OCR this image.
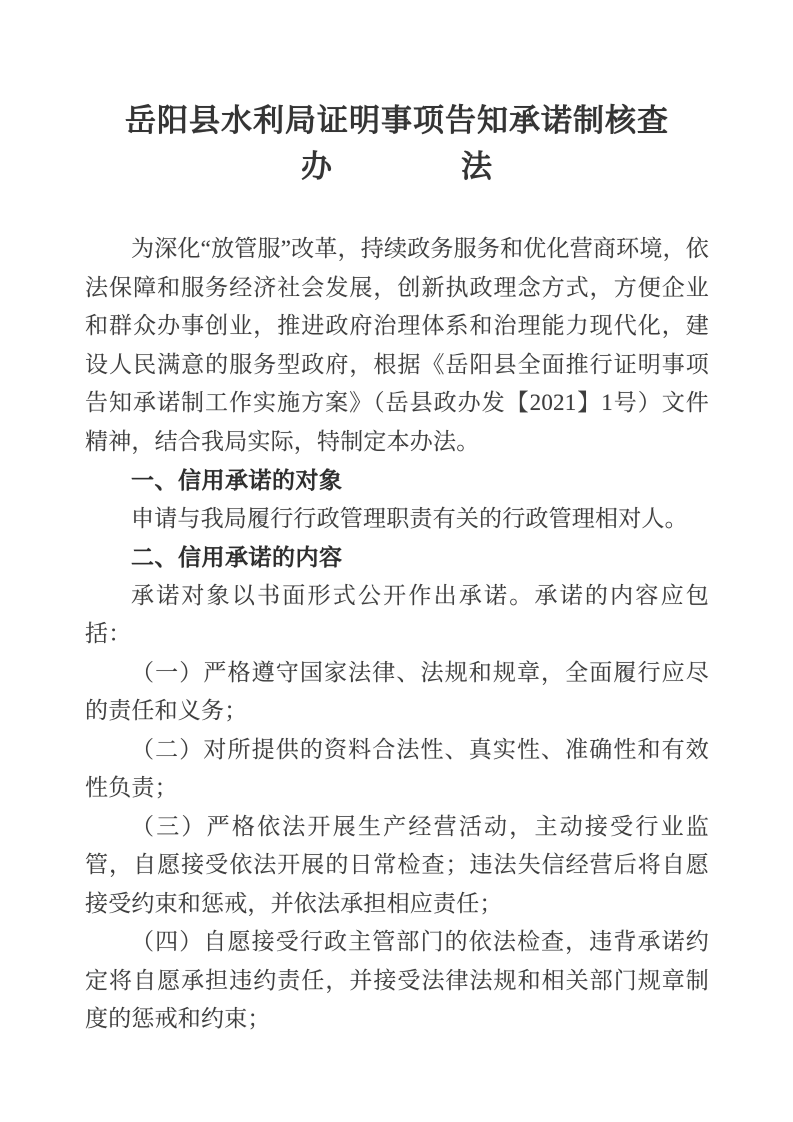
岳阳县水利局证明事项告知承诺制核查
办　　　　法

为深化“放管服”改革，持续政务服务和优化营商环境，依法保障和服务经济社会发展，创新执政理念方式，方便企业和群众办事创业，推进政府治理体系和治理能力现代化，建设人民满意的服务型政府，根据《岳阳县全面推行证明事项告知承诺制工作实施方案》（岳县政办发【2021】1号）文件精神，结合我局实际，特制定本办法。

一、信用承诺的对象

申请与我局履行行政管理职责有关的行政管理相对人。

二、信用承诺的内容

承诺对象以书面形式公开作出承诺。承诺的内容应包括：

（一）严格遵守国家法律、法规和规章，全面履行应尽的责任和义务；

（二）对所提供的资料合法性、真实性、准确性和有效性负责；

（三）严格依法开展生产经营活动，主动接受行业监管，自愿接受依法开展的日常检查；违法失信经营后将自愿接受约束和惩戒，并依法承担相应责任；

（四）自愿接受行政主管部门的依法检查，违背承诺约定将自愿承担违约责任，并接受法律法规和相关部门规章制度的惩戒和约束；
